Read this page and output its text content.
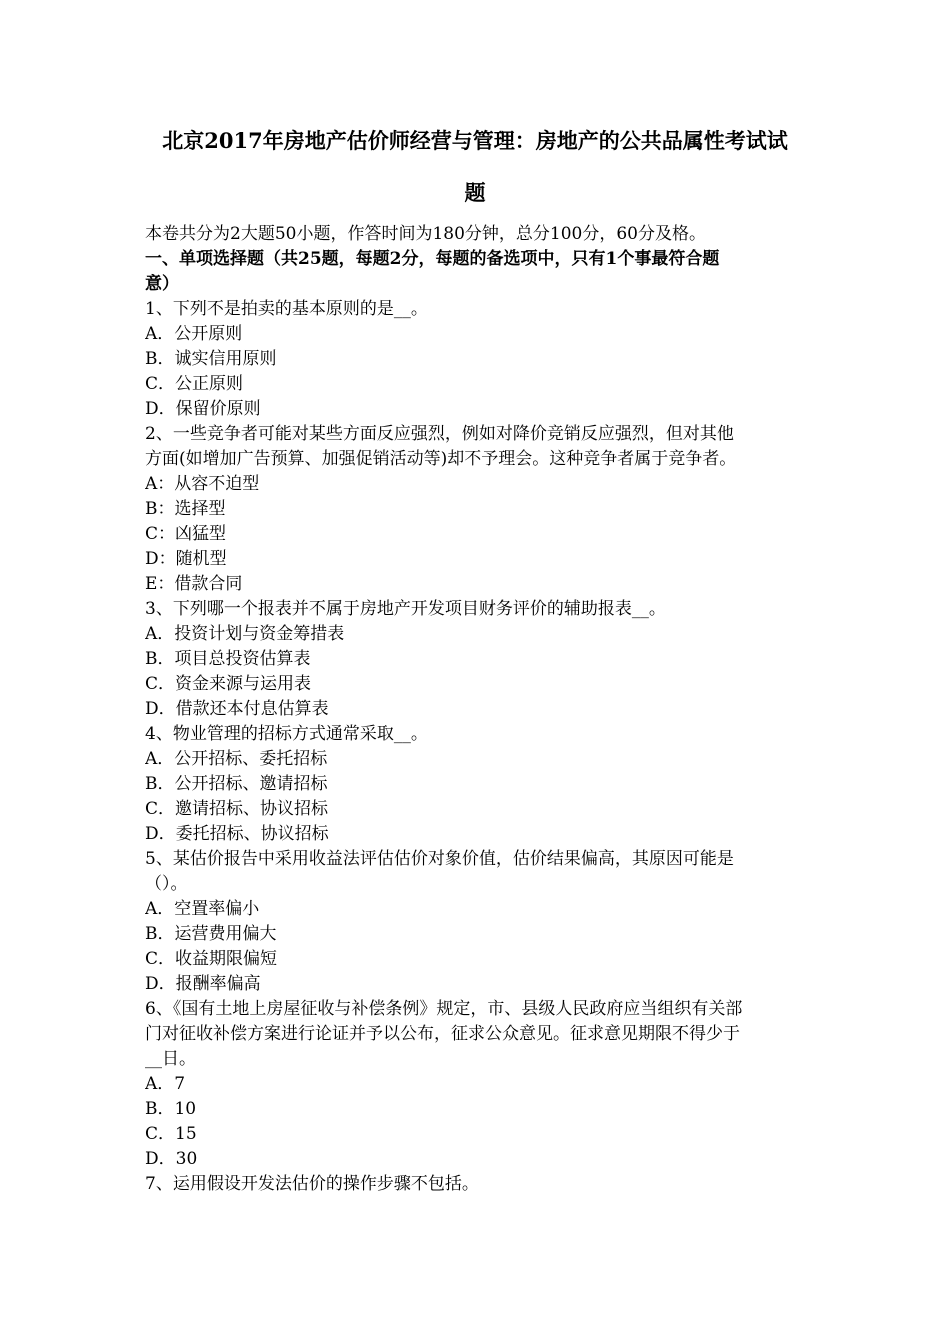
北京2017年房地产估价师经营与管理：房地产的公共品属性考试试
题
本卷共分为2大题50小题，作答时间为180分钟，总分100分，60分及格。
一、单项选择题（共25题，每题2分，每题的备选项中，只有1个事最符合题
意）
1、下列不是拍卖的基本原则的是__。
A．公开原则
B．诚实信用原则
C．公正原则
D．保留价原则
2、一些竞争者可能对某些方面反应强烈，例如对降价竞销反应强烈，但对其他
方面(如增加广告预算、加强促销活动等)却不予理会。这种竞争者属于竞争者。
A：从容不迫型
B：选择型
C：凶猛型
D：随机型
E：借款合同
3、下列哪一个报表并不属于房地产开发项目财务评价的辅助报表__。
A．投资计划与资金筹措表
B．项目总投资估算表
C．资金来源与运用表
D．借款还本付息估算表
4、物业管理的招标方式通常采取__。
A．公开招标、委托招标
B．公开招标、邀请招标
C．邀请招标、协议招标
D．委托招标、协议招标
5、某估价报告中采用收益法评估估价对象价值，估价结果偏高，其原因可能是
（）。
A．空置率偏小
B．运营费用偏大
C．收益期限偏短
D．报酬率偏高
6、《国有土地上房屋征收与补偿条例》规定，市、县级人民政府应当组织有关部
门对征收补偿方案进行论证并予以公布，征求公众意见。征求意见期限不得少于
__日。
A．7
B．10
C．15
D．30
7、运用假设开发法估价的操作步骤不包括。
